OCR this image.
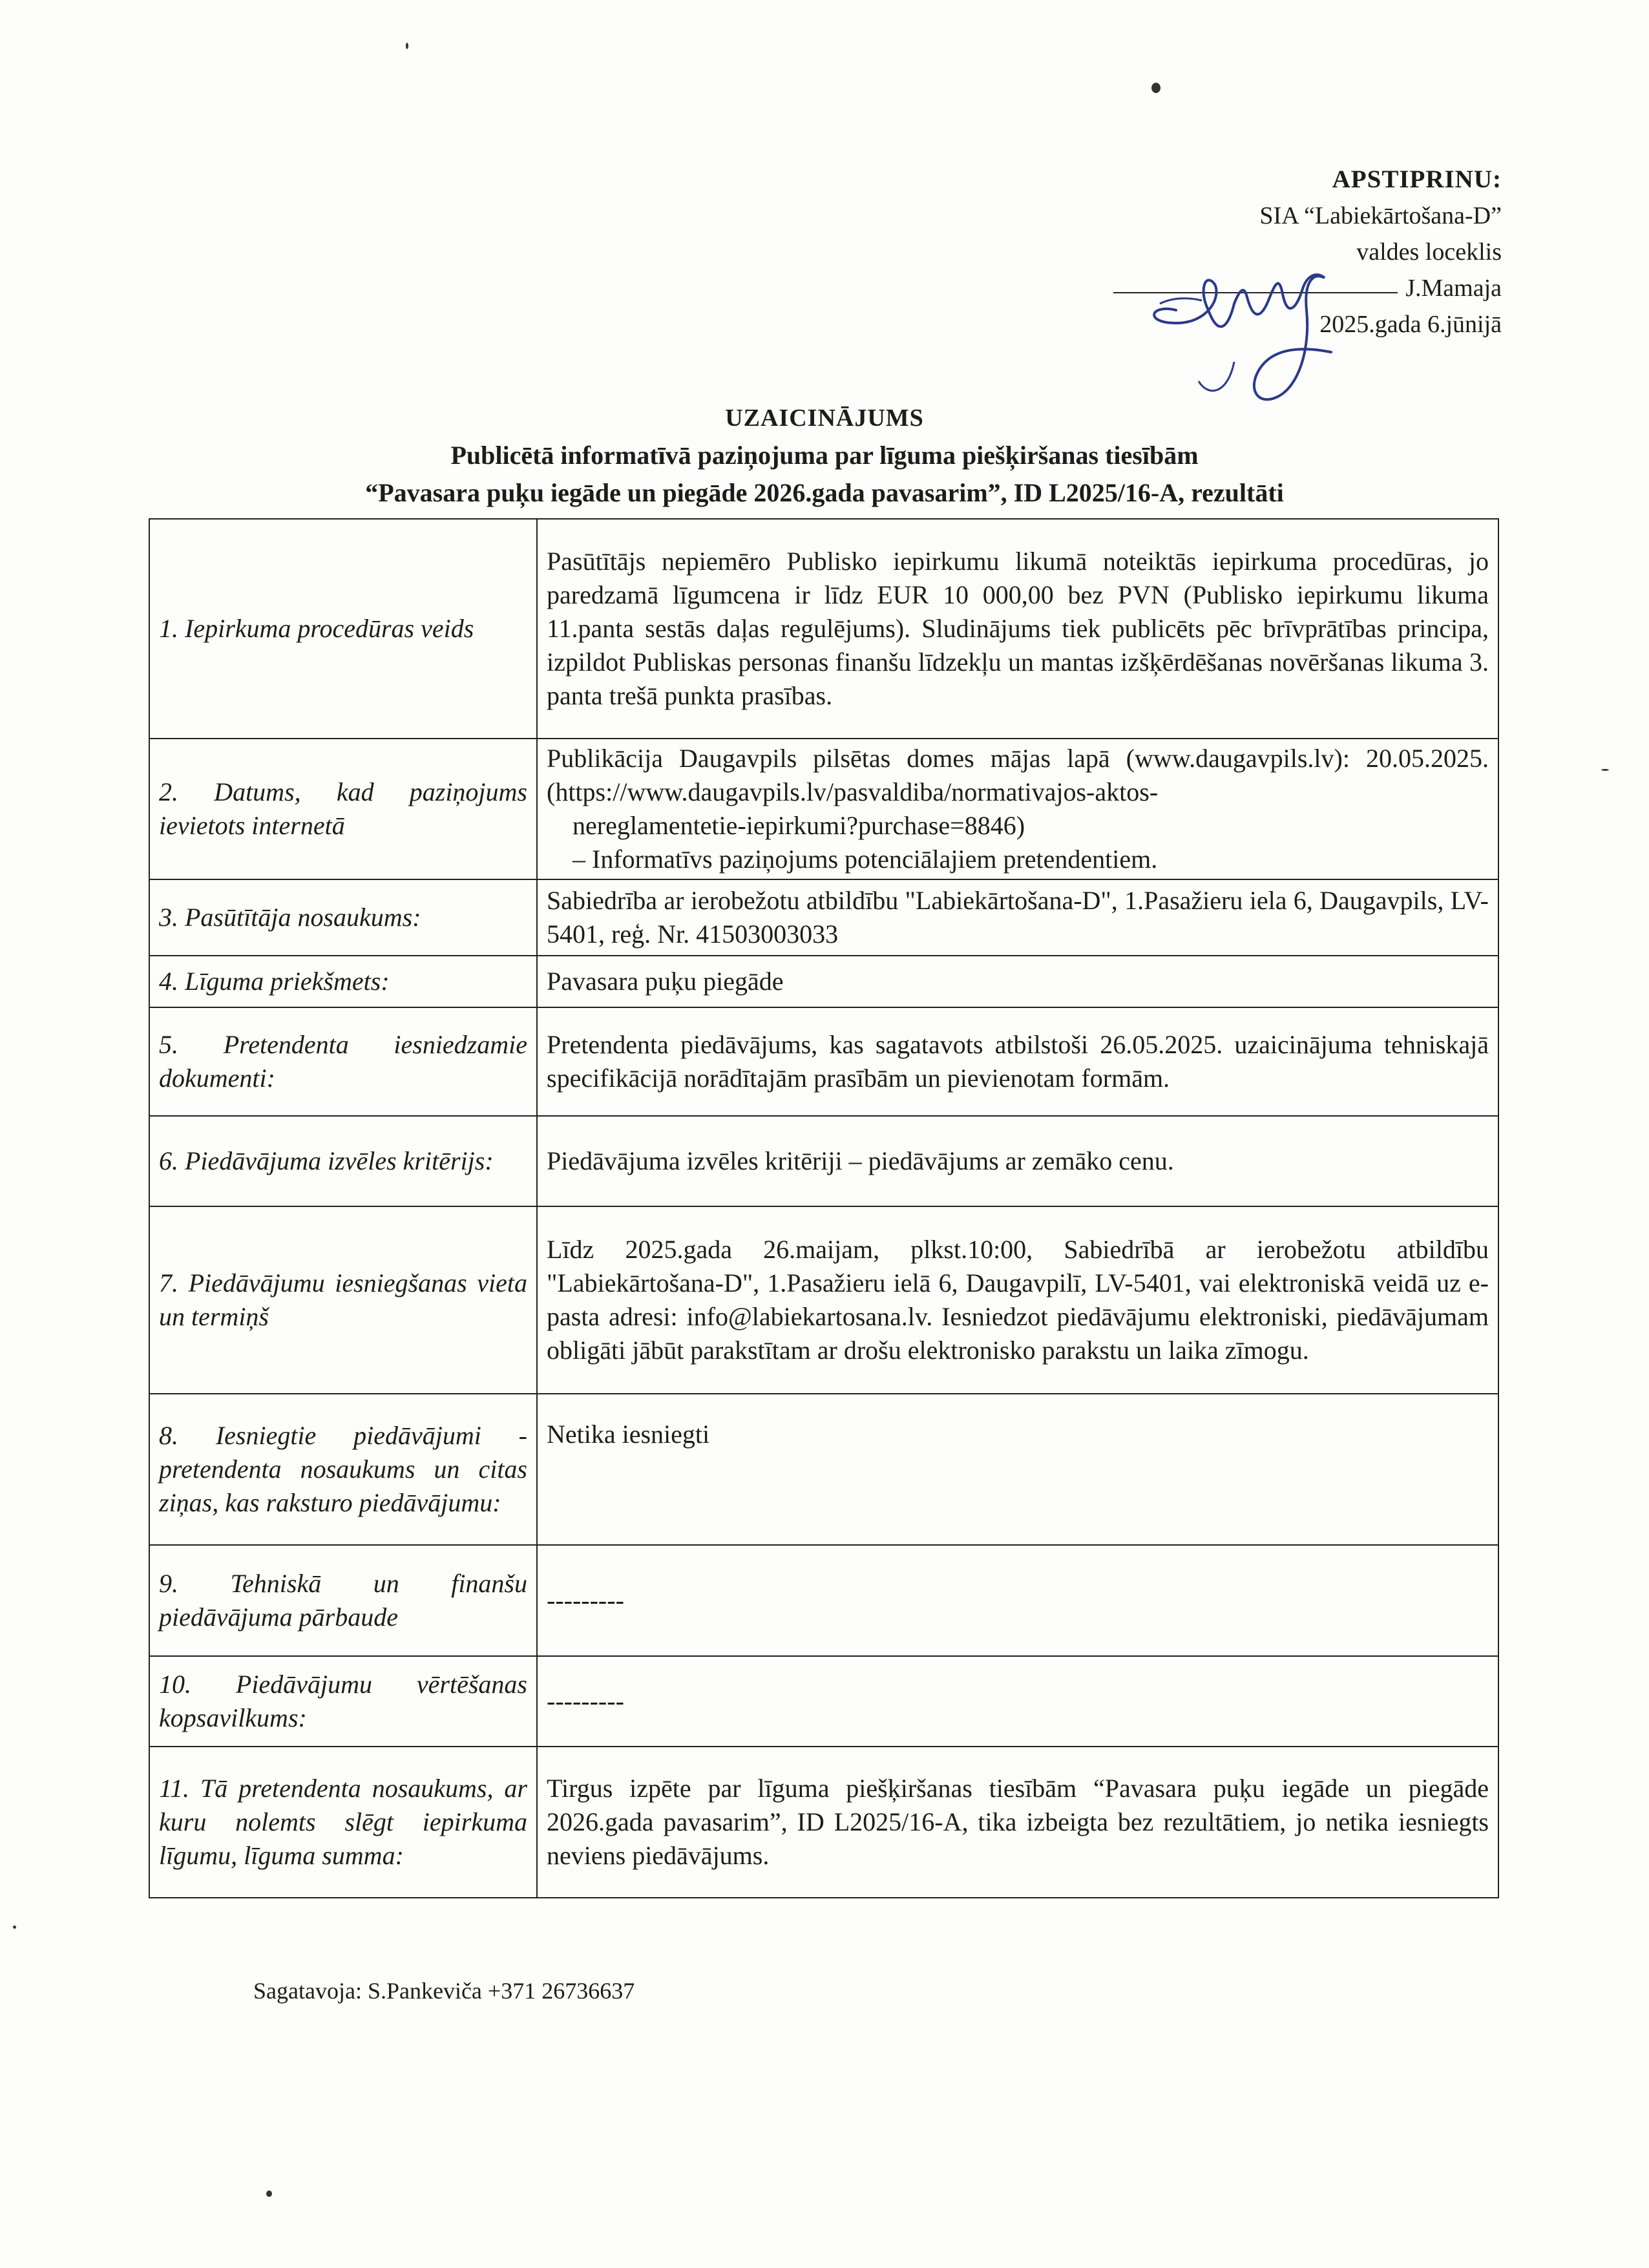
APSTIPRINU:
SIA “Labiekārtošana-D”
valdes loceklis
J.Mamaja
2025.gada 6.jūnijā
UZAICINĀJUMS
Publicētā informatīvā paziņojuma par līguma piešķiršanas tiesībām
“Pavasara puķu iegāde un piegāde 2026.gada pavasarim”, ID L2025/16-A, rezultāti
1. Iepirkuma procedūras veids	Pasūtītājs nepiemēro Publisko iepirkumu likumā noteiktās iepirkuma procedūras, jo paredzamā līgumcena ir līdz EUR 10 000,00 bez PVN (Publisko iepirkumu likuma 11.panta sestās daļas regulējums). Sludinājums tiek publicēts pēc brīvprātības principa, izpildot Publiskas personas finanšu līdzekļu un mantas izšķērdēšanas novēršanas likuma 3. panta trešā punkta prasības.
2. Datums, kad paziņojums ievietots internetā	Publikācija Daugavpils pilsētas domes mājas lapā (www.daugavpils.lv): 20.05.2025. (https://www.daugavpils.lv/pasvaldiba/normativajos-aktos-
nereglamentetie-iepirkumi?purchase=8846)
– Informatīvs paziņojums potenciālajiem pretendentiem.

3. Pasūtītāja nosaukums:	Sabiedrība ar ierobežotu atbildību "Labiekārtošana-D", 1.Pasažieru iela 6, Daugavpils, LV-5401, reģ. Nr. 41503003033
4. Līguma priekšmets:	Pavasara puķu piegāde
5. Pretendenta iesniedzamie dokumenti:	Pretendenta piedāvājums, kas sagatavots atbilstoši 26.05.2025. uzaicinājuma tehniskajā specifikācijā norādītajām prasībām un pievienotam formām.
6. Piedāvājuma izvēles kritērijs:	Piedāvājuma izvēles kritēriji – piedāvājums ar zemāko cenu.
7. Piedāvājumu iesniegšanas vieta un termiņš	Līdz 2025.gada 26.maijam, plkst.10:00, Sabiedrībā ar ierobežotu atbildību "Labiekārtošana-D", 1.Pasažieru ielā 6, Daugavpilī, LV-5401, vai elektroniskā veidā uz e-pasta adresi: info@labiekartosana.lv. Iesniedzot piedāvājumu elektroniski, piedāvājumam obligāti jābūt parakstītam ar drošu elektronisko parakstu un laika zīmogu.
8. Iesniegtie piedāvājumi - pretendenta nosaukums un citas ziņas, kas raksturo piedāvājumu:	Netika iesniegti
9. Tehniskā un finanšu piedāvājuma pārbaude	---------
10. Piedāvājumu vērtēšanas kopsavilkums:	---------
11. Tā pretendenta nosaukums, ar kuru nolemts slēgt iepirkuma līgumu, līguma summa:	Tirgus izpēte par līguma piešķiršanas tiesībām “Pavasara puķu iegāde un piegāde 2026.gada pavasarim”, ID L2025/16-A, tika izbeigta bez rezultātiem, jo netika iesniegts neviens piedāvājums.
Sagatavoja: S.Pankeviča +371 26736637
